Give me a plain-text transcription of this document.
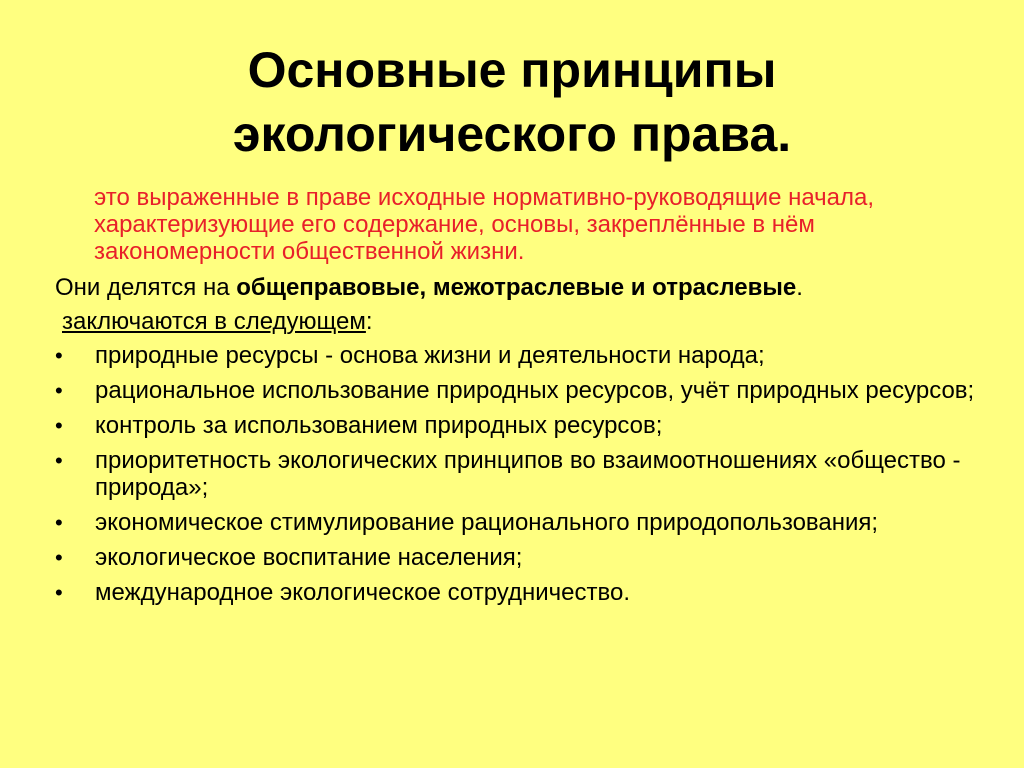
Основные принципы
экологического права.
это выраженные в праве исходные нормативно-руководящие начала, характеризующие его содержание, основы, закреплённые в нём закономерности общественной жизни.
Они делятся на общеправовые, межотраслевые и отраслевые.
заключаются в следующем:
•	природные ресурсы - основа жизни и деятельности народа;
•	рациональное использование природных ресурсов, учёт природных ресурсов;
•	контроль за использованием природных ресурсов;
•	приоритетность экологических принципов во взаимоотношениях «общество - природа»;
•	экономическое стимулирование рационального природопользования;
•	экологическое воспитание населения;
•	международное экологическое сотрудничество.
